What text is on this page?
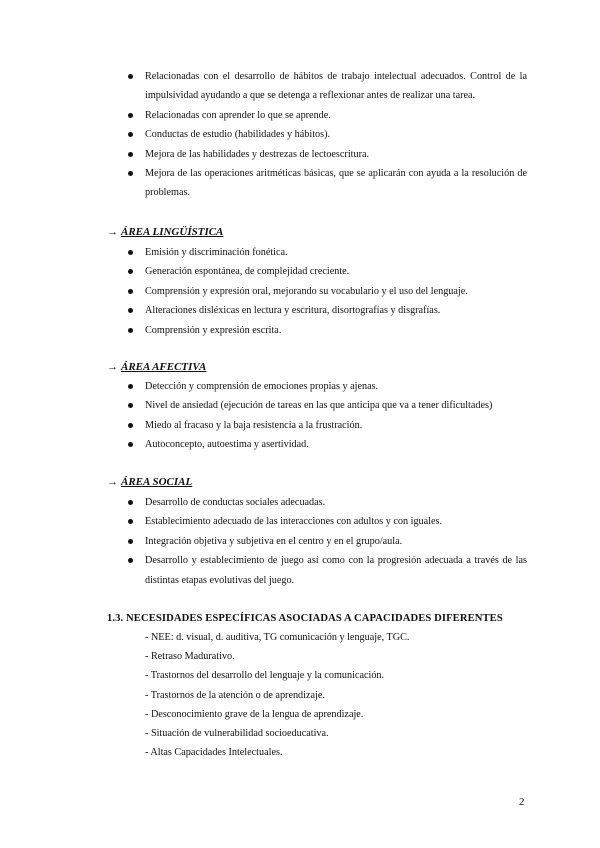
Relacionadas con el desarrollo de hábitos de trabajo intelectual adecuados. Control de la impulsividad ayudando a que se detenga a reflexionar antes de realizar una tarea.
Relacionadas con aprender lo que se aprende.
Conductas de estudio (habilidades y hábitos).
Mejora de las habilidades y destrezas de lectoescritura.
Mejora de las operaciones aritméticas básicas, que se aplicarán con ayuda a la resolución de problemas.
→ ÁREA LINGÜÍSTICA
Emisión y discriminación fonética.
Generación espontánea, de complejidad creciente.
Comprensión y expresión oral, mejorando su vocabulario y el uso del lenguaje.
Alteraciones disléxicas en lectura y escritura, disortografías y disgrafías.
Comprensión y expresión escrita.
→ ÁREA AFECTIVA
Detección y comprensión de emociones propias y ajenas.
Nivel de ansiedad (ejecución de tareas en las que anticipa que va a tener dificultades)
Miedo al fracaso y la baja resistencia a la frustración.
Autoconcepto, autoestima y asertividad.
→ ÁREA SOCIAL
Desarrollo de conductas sociales adecuadas.
Establecimiento adecuado de las interacciones con adultos y con iguales.
Integración objetiva y subjetiva en el centro y en el grupo/aula.
Desarrollo y establecimiento de juego así como con la progresión adecuada a través de las distintas etapas evolutivas del juego.
1.3. NECESIDADES ESPECÍFICAS ASOCIADAS A CAPACIDADES DIFERENTES
- NEE: d. visual, d. auditiva, TG comunicación y lenguaje, TGC.
- Retraso Madurativo.
- Trastornos del desarrollo del lenguaje y la comunicación.
- Trastornos de la atención o de aprendizaje.
- Desconocimiento grave de la lengua de aprendizaje.
- Situación de vulnerabilidad socioeducativa.
- Altas Capacidades Intelectuales.
2
